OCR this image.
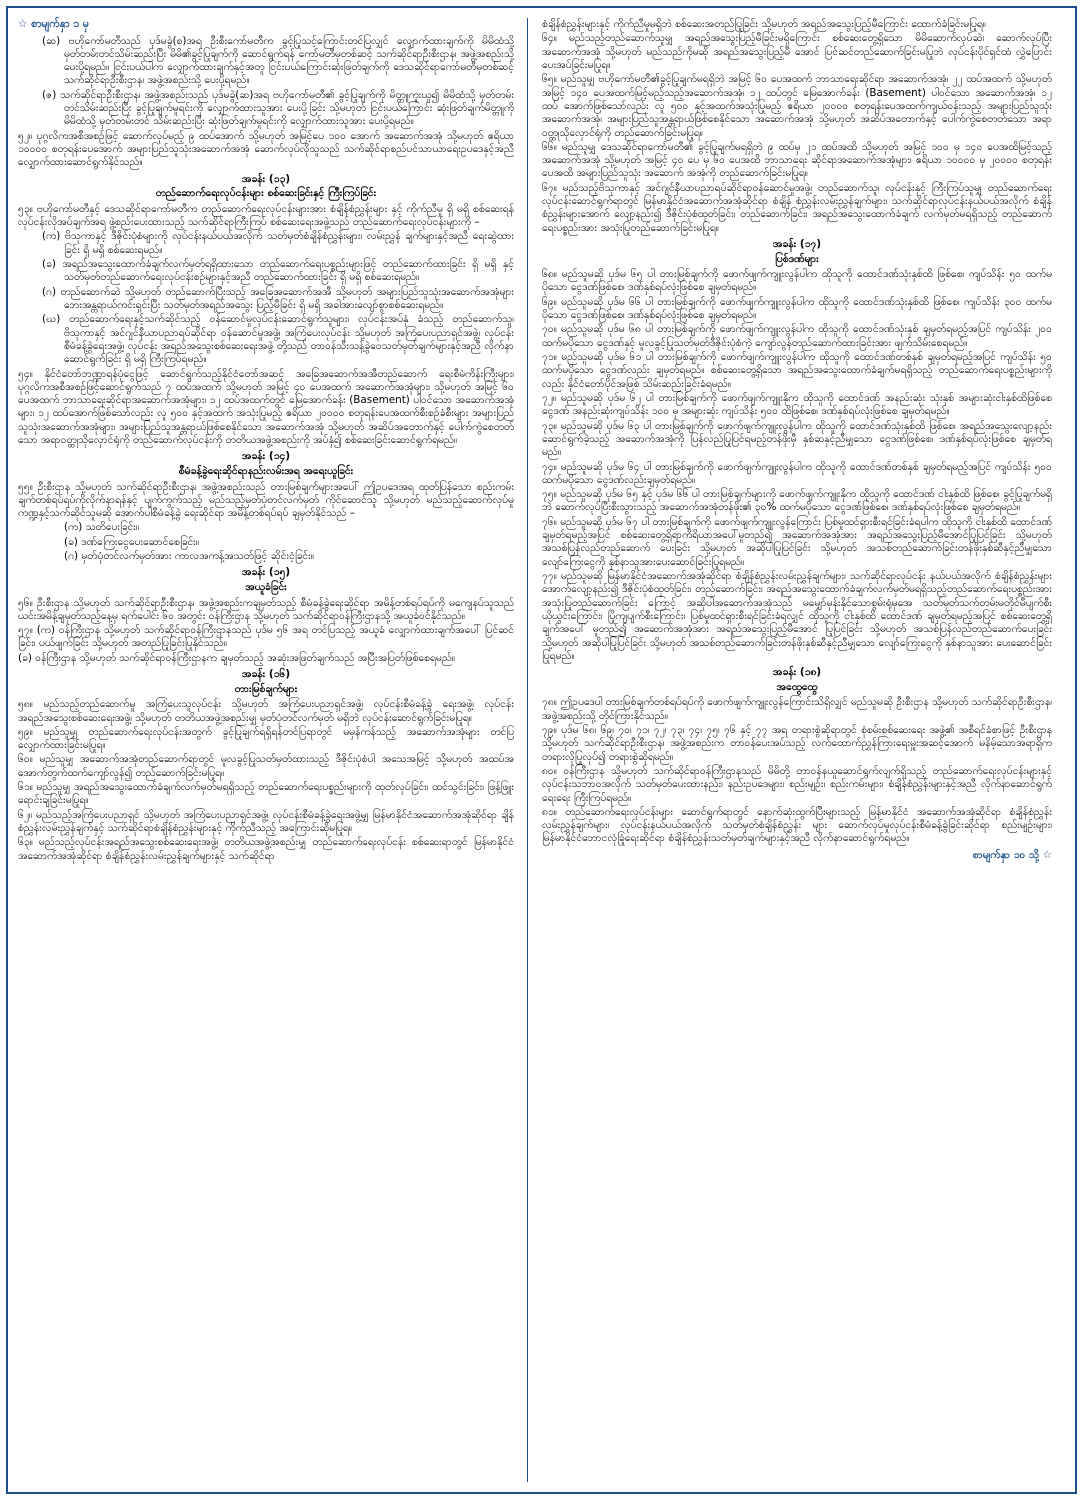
☆ စာမျက်နှာ ၁ မှ

(ဆ) ဗဟိုကော်မတီသည် ပုဒ်မခွဲ(စ)အရ ဦးစီးကော်မတီက ခွင့်ပြုသင့်ကြောင်းတင်ပြလျှင် လျှောက်ထားချက်ကို မိမိထံသို့ မှတ်တမ်းတင်သိမ်းဆည်းပြီး မိမိ၏ခွင့်ပြုချက်ကို ဆောင်ရွက်ရန် ကော်မတီမှတစ်ဆင့် သက်ဆိုင်ရာဦးစီးဌာန၊ အဖွဲ့အစည်းသို့ ပေးပို့ရမည်။ ငြင်းပယ်ပါက လျှောက်ထားချက်နှင့်အတူ ငြင်းပယ်ကြောင်းဆုံးဖြတ်ချက်ကို ဒေသဆိုင်ရာကော်မတီမှတစ်ဆင့် သက်ဆိုင်ရာဦးစီးဌာန၊ အဖွဲ့အစည်းသို့ ပေးပို့ရမည်။

(ဇ) သက်ဆိုင်ရာဦးစီးဌာန၊ အဖွဲ့အစည်းသည် ပုဒ်မခွဲ(ဆ)အရ ဗဟိုကော်မတီ၏ ခွင့်ပြုချက်ကို မိတ္တူကူးယူ၍ မိမိထံသို့ မှတ်တမ်းတင်သိမ်းဆည်းပြီး ခွင့်ပြုချက်မူရင်းကို လျှောက်ထားသူအား ပေးပို့ခြင်း သို့မဟုတ် ငြင်းပယ်ကြောင်း ဆုံးဖြတ်ချက်မိတ္တူကို မိမိထံသို့ မှတ်တမ်းတင် သိမ်းဆည်းပြီး ဆုံးဖြတ်ချက်မူရင်းကို လျှောက်ထားသူအား ပေးပို့ရမည်။

၅၂။ ပုဂ္ဂလိကအစီအစဉ်ဖြင့် ဆောက်လုပ်မည့် ၉ ထပ်အောက် သို့မဟုတ် အမြင့်ပေ ၁၀၀ အောက် အဆောက်အအုံ သို့မဟုတ် ဧရိယာ ၁၀၀၀၀ စတုရန်းပေအောက် အများပြည်သူသုံးအဆောက်အအုံ ဆောက်လုပ်လိုသူသည် သက်ဆိုင်ရာစည်ပင်သာယာရေးဥပဒေနှင့်အညီ လျှောက်ထားဆောင်ရွက်နိုင်သည်။

အခန်း (၁၃)

တည်ဆောက်ရေးလုပ်ငန်းများ စစ်ဆေးခြင်းနှင့် ကြီးကြပ်ခြင်း

၅၃။ ဗဟိုကော်မတီနှင့် ဒေသဆိုင်ရာကော်မတီက တည်ဆောက်ရေးလုပ်ငန်းများအား စံချိန်စံညွှန်းများ နှင့် ကိုက်ညီမှု ရှိ မရှိ စစ်ဆေးရန် လုပ်ငန်းလိုအပ်ချက်အရ ဖွဲ့စည်းပေးထားသည့် သက်ဆိုင်ရာကြီးကြပ် စစ်ဆေးရေးအဖွဲ့သည် တည်ဆောက်ရေးလုပ်ငန်းများကို –

(က) ဗိသုကာနှင့် ဒီဇိုင်းပုံစံများကို လုပ်ငန်းနယ်ပယ်အလိုက် သတ်မှတ်စံချိန်စံညွှန်းများ၊ လမ်းညွှန် ချက်များနှင့်အညီ ရေးဆွဲထားခြင်း ရှိ မရှိ စစ်ဆေးရမည်။

(ခ) အရည်အသွေးထောက်ခံချက်လက်မှတ်ရရှိထားသော တည်ဆောက်ရေးပစ္စည်းများဖြင့် တည်ဆောက်ထားခြင်း ရှိ မရှိ နှင့် သတ်မှတ်တည်ဆောက်ရေးလုပ်ငန်းစဉ်များနှင့်အညီ တည်ဆောက်ထားခြင်း ရှိ မရှိ စစ်ဆေးရမည်။

(ဂ) တည်ဆောက်ဆဲ သို့မဟုတ် တည်ဆောက်ပြီးသည့် အခြေအဆောက်အအီ သို့မဟုတ် အများပြည်သူသုံးအဆောက်အအုံများ ဘေးအန္တရာယ်ကင်းရှင်းပြီး သတ်မှတ်အရည်အသွေး ပြည့်မီခြင်း ရှိ မရှိ အခါအားလျော်စွာစစ်ဆေးရမည်။

(ဃ) တည်ဆောက်ရေးနှင့်သက်ဆိုင်သည့် ဝန်ဆောင်မှုလုပ်ငန်းဆောင်ရွက်သူများ၊ လုပ်ငန်းအပ်နှံ ခံသည့် တည်ဆောက်သူ၊ ဗိသုကာနှင့် အင်ဂျင်နီယာပညာရပ်ဆိုင်ရာ ဝန်ဆောင်မှုအဖွဲ့၊ အကြံပေးလုပ်ငန်း သို့မဟုတ် အကြံပေးပညာရှင်အဖွဲ့၊ လုပ်ငန်းစီမံခန့်ခွဲရေးအဖွဲ့၊ လုပ်ငန်း အရည်အသွေးစစ်ဆေးရေးအဖွဲ့ တို့သည် တာဝန်သီးသန့်ခွဲဝေသတ်မှတ်ချက်များနှင့်အညီ လိုက်နာဆောင်ရွက်ခြင်း ရှိ မရှိ ကြီးကြပ်ရမည်။

၅၄။ နိုင်ငံတော်ဘဏ္ဍာရန်ပုံငွေဖြင့် ဆောင်ရွက်သည့်နိုင်ငံတော်အဆင့် အခြေအဆောက်အအီတည်ဆောက် ရေးစီမံကိန်းကြီးများ၊ ပုဂ္ဂလိကအစီအစဉ်ဖြင့်ဆောင်ရွက်သည် ၇ ထပ်အထက် သို့မဟုတ် အမြင့် ၄၀ ပေအထက် အဆောက်အအုံများ၊ သို့မဟုတ် အမြင့် ၆၀ ပေအထက် ဘာသာရေးဆိုင်ရာအဆောက်အအုံများ၊ ၁၂ ထပ်အထက်တွင် မြေအောက်ခန်း (Basement) ပါဝင်သော အဆောက်အအုံများ၊ ၁၂ ထပ်အောက်ဖြစ်သော်လည်း လူ ၅၀၀ နှင့်အထက် အသုံးပြုမည့် ဧရိယာ ၂၀၀၀၀ စတုရန်းပေအထက်စီးစဉ်ခံစီးများ အများပြည်သူသုံးအဆောက်အအုံများ၊ အများပြည်သူအန္တရာယ်ဖြစ်စေနိုင်သော အဆောက်အအုံ သို့မဟုတ် အဆိပ်အတောက်နှင့် ပေါက်ကွဲစေတတ်သော အရာဝတ္ထုသိုလှောင်ရုံကို တည်ဆောက်လုပ်ငန်းကို တတိယအဖွဲ့အစည်းကို အပ်နှံ၍ စစ်ဆေးခြင်းဆောင်ရွက်ရမည်။

အခန်း (၁၄)

စီမံခန့်ခွဲရေးဆိုင်ရာနည်းလမ်းအရ အရေးယူခြင်း

၅၅။ ဦးစီးဌာန သို့မဟုတ် သက်ဆိုင်ရာဦးစီးဌာန၊ အဖွဲ့အစည်းသည် တားမြစ်ချက်များအပေါ် ဤဥပဒေအရ ထုတ်ပြန်သော စည်းကမ်းချက်တစ်ရပ်ရပ်ကိုလိုက်နာရန်နှင့် ပျက်ကွက်သည့် မည်သည့်မှတ်ပုံတင်လက်မှတ် ကိုင်ဆောင်သူ သို့မဟုတ် မည်သည့်ဆောက်လုပ်မှုကဏ္ဍနှင့်သက်ဆိုင်သူမဆို အောက်ပါစီမံခန့်ခွဲ ရေးဆိုင်ရာ အမိန့်တစ်ရပ်ရပ် ချမှတ်နိုင်သည် –

(က) သတိပေးခြင်း။

(ခ) ဒဏ်ကြေးငွေပေးဆောင်စေခြင်း။

(ဂ) မှတ်ပုံတင်လက်မှတ်အား ကာလအကန့်အသတ်ဖြင့် ဆိုင်းငံ့ခြင်း။

အခန်း (၁၅)

အယူခံခြင်း

၅၆။ ဦးစီးဌာန သို့မဟုတ် သက်ဆိုင်ရာဦးစီးဌာန၊ အဖွဲ့အစည်းကချမှတ်သည့် စီမံခန့်ခွဲရေးဆိုင်ရာ အမိန့်တစ်ရပ်ရပ်ကို မကျေနပ်သူသည် ယင်းအမိန့်ချမှတ်သည့်နေ့မှ ရက်ပေါင်း ၆၀ အတွင်း ဝန်ကြီးဌာန သို့မဟုတ် သက်ဆိုင်ရာဝန်ကြီးဌာနသို့ အယူခံဝင်နိုင်သည်။

၅၇။ (က) ဝန်ကြီးဌာန သို့မဟုတ် သက်ဆိုင်ရာဝန်ကြီးဌာနသည် ပုဒ်မ ၅၆ အရ တင်ပြသည့် အယူခံ လျှောက်ထားချက်အပေါ် ပြင်ဆင်ခြင်း၊ ပယ်ဖျက်ခြင်း သို့မဟုတ် အတည်ပြုခြင်းပြုနိုင်သည်။

(ခ) ဝန်ကြီးဌာန သို့မဟုတ် သက်ဆိုင်ရာဝန်ကြီးဌာနက ချမှတ်သည့် အဆုံးအဖြတ်ချက်သည် အပြီးအပြတ်ဖြစ်စေရမည်။

အခန်း (၁၆)

တားမြစ်ချက်များ

၅၈။ မည်သည့်တည်ဆောက်မှု အကြံပေးသူလုပ်ငန်း သို့မဟုတ် အကြံပေးပညာရှင်အဖွဲ့၊ လုပ်ငန်းစီမံခန့်ခွဲ ရေးအဖွဲ့၊ လုပ်ငန်းအရည်အသွေးစစ်ဆေးရေးအဖွဲ့၊ သို့မဟုတ် တတိယအဖွဲ့အစည်းမျှ မှတ်ပုံတင်လက်မှတ် မရှိဘဲ လုပ်ငန်းဆောင်ရွက်ခြင်းမပြုရ။

၅၉။ မည်သူမျှ တည်ဆောက်ရေးလုပ်ငန်းအတွက် ခွင့်ပြုချက်ရရှိရန်တင်ပြရာတွင် မမှန်ကန်သည့် အဆောက်အအုံများ တင်ပြလျှောက်ထားခြင်းမပြုရ။

၆၀။ မည်သူမျှ အဆောက်အအုံတည်ဆောက်ရာတွင် မူလခွင့်ပြုသတ်မှတ်ထားသည့် ဒီဇိုင်းပုံစံပါ အသေအမြင့် သို့မဟုတ် အထပ်အအောက်တွက်ထက်ကျော်လွန်၍ တည်ဆောက်ခြင်းမပြုရ။

၆၁။ မည်သူမျှ အရည်အသွေးထောက်ခံချက်လက်မှတ်မရရှိသည့် တည်ဆောက်ရေးပစ္စည်းများကို ထုတ်လုပ်ခြင်း၊ ထင်သွင်းခြင်း၊ ဖြန့်ဖြူးရောင်းချခြင်းမပြုရ။

၆၂။ မည်သည့်အကြံပေးပညာရှင် သို့မဟုတ် အကြံပေးပညာရှင်အဖွဲ့၊ လုပ်ငန်းစီမံခန့်ခွဲရေးအဖွဲ့မျှ မြန်မာနိုင်ငံအဆောက်အအုံဆိုင်ရာ ချိန်စံညွှန်းလမ်းညွှန်ချက်နှင့် သက်ဆိုင်ရာစံချိန်စံညွှန်းများနှင့် ကိုက်ညီသည့် အကြောင်းဆိုမပြုရ။

၆၃။ မည်သည့်လုပ်ငန်းအရည်အသွေးစစ်ဆေးရေးအဖွဲ့၊ တတိယအဖွဲ့အစည်းမျှ တည်ဆောက်ရေးလုပ်ငန်း စစ်ဆေးရာတွင် မြန်မာနိုင်ငံအဆောက်အအုံဆိုင်ရာ စံချိန်စံညွှန်းလမ်းညွှန်ချက်များနှင့် သက်ဆိုင်ရာ

စံချိန်စံညွှန်းများနှင့် ကိုက်ညီမှုမရှိဘဲ စစ်ဆေးအတည်ပြုခြင်း သို့မဟုတ် အရည်အသွေးပြည့်မီကြောင်း ထောက်ခံခြင်းမပြုရ။

၆၄။ မည်သည့်တည်ဆောက်သူမျှ အရည်အသွေးပြည့်မီခြင်းမရှိကြောင်း စစ်ဆေးတွေ့ရှိသော မိမိဆောက်လုပ်ဆဲ၊ ဆောက်လုပ်ပြီးအဆောက်အအုံ သို့မဟုတ် မည်သည်ကိုမဆို အရည်အသွေးပြည့်မီ အောင် ပြင်ဆင်တည်ဆောက်ခြင်းမပြုဘဲ လုပ်ငန်းပိုင်ရှင်ထံ လွှဲပြောင်းပေးအပ်ခြင်းမပြုရ။

၆၅။ မည်သူမျှ ဗဟိုကော်မတီ၏ခွင့်ပြုချက်မရရှိဘဲ အမြင့် ၆၀ ပေအထက် ဘာသာရေးဆိုင်ရာ အဆောက်အအုံ၊ ၂၂ ထပ်အထက် သို့မဟုတ် အမြင့် ၁၄၀ ပေအထက်မြင့်မည့်သည့်အဆောက်အအုံ၊ ၁၂ ထပ်တွင် မြေအောက်ခန်း (Basement) ပါဝင်သော အဆောက်အအုံ၊ ၁၂ ထပ် အောက်ဖြစ်သော်လည်း လူ ၅၀၀ နှင့်အထက်အသုံးပြုမည့် ဧရိယာ ၂၀၀၀၀ စတုရန်းပေအထက်ကျယ်ဝန်းသည့် အများပြည်သူသုံး အဆောက်အအုံ၊ အများပြည်သူအန္တရာယ်ဖြစ်စေနိုင်သော အဆောက်အအုံ သို့မဟုတ် အဆိပ်အတောက်နှင့် ပေါက်ကွဲစေတတ်သော အရာဝတ္ထုသိုလှောင်ရုံကို တည်ဆောက်ခြင်းမပြုရ။

၆၆။ မည်သူမျှ ဒေသဆိုင်ရာကော်မတီ၏ ခွင့်ပြုချက်မရရှိဘဲ ၉ ထပ်မှ ၂၁ ထပ်အထိ သို့မဟုတ် အမြင့် ၁၀၀ မှ ၁၄၀ ပေအထိမြင့်သည့်အဆောက်အအုံ သို့မဟုတ် အမြင့် ၄၀ ပေ မှ ၆၀ ပေအထိ ဘာသာရေး ဆိုင်ရာအဆောက်အအုံများ၊ ဧရိယာ ၁၀၀၀၀ မှ ၂၀၀၀၀ စတုရန်းပေအထိ အများပြည်သူသုံး အဆောက် အအုံကို တည်ဆောက်ခြင်းမပြုရ။

၆၇။ မည်သည့်ဗိသုကာနှင့် အင်ဂျင်နီယာပညာရပ်ဆိုင်ရာဝန်ဆောင်မှုအဖွဲ့၊ တည်ဆောက်သူ၊ လုပ်ငန်းနှင့် ကြီးကြပ်သူမျှ တည်ဆောက်ရေးလုပ်ငန်းဆောင်ရွက်ရာတွင် မြန်မာနိုင်ငံအဆောက်အအုံဆိုင်ရာ စံချိန် စံညွှန်းလမ်းညွှန်ချက်များ၊ သက်ဆိုင်ရာလုပ်ငန်းနယ်ပယ်အလိုက် စံချိန်စံညွှန်းများအောက် လျော့နည်း၍ ဒီဇိုင်းပုံစံထုတ်ခြင်း၊ တည်ဆောက်ခြင်း၊ အရည်အသွေးထောက်ခံချက် လက်မှတ်မရရှိသည့် တည်ဆောက် ရေးပစ္စည်းအား အသုံးပြုတည်ဆောက်ခြင်းမပြုရ။

အခန်း (၁၇)

ပြစ်ဒဏ်များ

၆၈။ မည်သူမဆို ပုဒ်မ ၆၅ ပါ တားမြစ်ချက်ကို ဖောက်ဖျက်ကျူးလွန်ပါက ထိုသူကို ထောင်ဒဏ်သုံးနှစ်ထိ ဖြစ်စေ၊ ကျပ်သိန်း ၅၀ ထက်မပိုသော ငွေဒဏ်ဖြစ်စေ၊ ဒဏ်နှစ်ရပ်လုံးဖြစ်စေ ချမှတ်ရမည်။

၆၉။ မည်သူမဆို ပုဒ်မ ၆၆ ပါ တားမြစ်ချက်ကို ဖောက်ဖျက်ကျူးလွန်ပါက ထိုသူကို ထောင်ဒဏ်သုံးနှစ်ထိ ဖြစ်စေ၊ ကျပ်သိန်း ၃၀၀ ထက်မပိုသော ငွေဒဏ်ဖြစ်စေ၊ ဒဏ်နှစ်ရပ်လုံးဖြစ်စေ ချမှတ်ရမည်။

၇၀။ မည်သူမဆို ပုဒ်မ ၆၈ ပါ တားမြစ်ချက်ကို ဖောက်ဖျက်ကျူးလွန်ပါက ထိုသူကို ထောင်ဒဏ်သုံးနှစ် ချမှတ်ရမည့်အပြင် ကျပ်သိန်း ၂၀၀ ထက်မပိုသော ငွေဒဏ်နှင့် မူလခွင့်ပြုသတ်မှတ်ဒီဇိုင်းပုံစံကဲ့ ကျော်လွန်တည်ဆောက်ထားခြင်းအား ဖျက်သိမ်းစေရမည်။

၇၁။ မည်သူမဆို ပုဒ်မ ၆၁ ပါ တားမြစ်ချက်ကို ဖောက်ဖျက်ကျူးလွန်ပါက ထိုသူကို ထောင်ဒဏ်တစ်နှစ် ချမှတ်ရမည့်အပြင် ကျပ်သိန်း ၅၀ ထက်မပိုသော ငွေဒဏ်လည်း ချမှတ်ရမည်။ စစ်ဆေးတွေ့ရှိသော အရည်အသွေးထောက်ခံချက်မရရှိသည့် တည်ဆောက်ရေးပစ္စည်းများကိုလည်း နိုင်ငံတော်ပိုင်အဖြစ် သိမ်းဆည်းခြင်းခံရမည်။

၇၂။ မည်သူမဆို ပုဒ်မ ၆၂ ပါ တားမြစ်ချက်ကို ဖောက်ဖျက်ကျူးနိုက ထိုသူကို ထောင်ဒဏ် အနည်းဆုံး သုံးနှစ် အများဆုံးငါးနှစ်ထိဖြစ်စေ ငွေဒဏ် အနည်းဆုံးကျပ်သိန်း ၁၀၀ မှ အများဆုံး ကျပ်သိန်း ၅၀၀ ထိဖြစ်စေ၊ ဒဏ်နှစ်ရပ်လုံးဖြစ်စေ ချမှတ်ရမည်။

၇၃။ မည်သူမဆို ပုဒ်မ ၆၃ ပါ တားမြစ်ချက်ကို ဖောက်ဖျက်ကျူးလွန်ပါက ထိုသူကို ထောင်ဒဏ်သုံးနှစ်ထိ ဖြစ်စေ၊ အရည်အသွေးလျော့နည်းဆောင်ရွက်ခဲ့သည့် အဆောက်အအုံကို ပြန်လည်ပြုပြင်ရမည့်တန်ဖိုးမှီ နှစ်ဆနှင့်ညီမျှသော ငွေဒဏ်ဖြစ်စေ၊ ဒဏ်နှစ်ရပ်လုံးဖြစ်စေ ချမှတ်ရမည်။

၇၄။ မည်သူမဆို ပုဒ်မ ၆၄ ပါ တားမြစ်ချက်ကို ဖောက်ဖျက်ကျူးလွန်ပါက ထိုသူကို ထောင်ဒဏ်တစ်နှစ် ချမှတ်ရမည့်အပြင် ကျပ်သိန်း ၅၀၀ ထက်မပိုသော ငွေဒဏ်လည်းချမှတ်ရမည်။

၇၅။ မည်သူမဆို ပုဒ်မ ၆၅ နှင့် ပုဒ်မ ၆၆ ပါ တားမြစ်ချက်များကို ဖောက်ဖျက်ကျူးနိုက ထိုသူကို ထောင်ဒဏ် ငါးနှစ်ထိ ဖြစ်စေ၊ ခွင့်ပြုချက်မရှိဘဲ ဆောက်လုပ်ပြီးစီးသွားသည့် အဆောက်အအုံတန်ဖိုး၏ ၃၀% ထက်မပိုသော ငွေဒဏ်ဖြစ်စေ၊ ဒဏ်နှစ်ရပ်လုံးဖြစ်စေ ချမှတ်ရမည်။

၇၆။ မည်သူမဆို ပုဒ်မ ၆၇ ပါ တားမြစ်ချက်ကို ဖောက်ဖျက်ကျူးလွန်ကြောင်း ပြစ်မှုထင်ရှားစီးရင်ခြင်းခံရပါက ထိုသူကို ငါးနှစ်ထိ ထောင်ဒဏ်ချမှတ်ရမည့်အပြင် စစ်ဆေးတွေ့ရှိရာကိရိယာအပေါ်မူတည်၍ အဆောက်အအုံအား အရည်အသွေးပြည့်မီအောင်ပြုပြင်ခြင်း သို့မဟုတ် အသစ်ပြန်လည်တည်ဆောက် ပေးခြင်း သို့မဟုတ် အဆိုပါပြုပြင်ခြင်း သို့မဟုတ် အသစ်တည်ဆောက်ခြင်းတန်ဖိုးနှစ်ဆီနှင့်ညီမျှသော လျော်ကြေးငွေကို နှစ်နာသူအားပေးဆောင်ခြင်းပြုရမည်။

၇၇။ မည်သူမဆို မြန်မာနိုင်ငံအဆောက်အအုံဆိုင်ရာ စံချိန်စံညွှန်းလမ်းညွှန်ချက်များ၊ သက်ဆိုင်ရာလုပ်ငန်း နယ်ပယ်အလိုက် စံချိန်စံညွှန်းများအောက်လျော့နည်း၍ ဒီဇိုင်းပုံစံထုတ်ခြင်း၊ တည်ဆောက်ခြင်း၊ အရည်အသွေးထောက်ခံချက်လက်မှတ်မရရှိသည့်တည်ဆောက်ရေးပစ္စည်းအား အသုံးပြုတည်ဆောက်ခြင်း ကြောင့် အဆိုပါအဆောက်အအုံသည် မမျှော်မှန်းနိုင်သောစွမ်းရုံမှအေ သတ်မှတ်သက်တမ်းမတိုင်မီပျက်စီး ယိုယွင်းကြောင်း၊ ပြိုကျပျက်စီးကြောင်း၊ ပြစ်မှုထင်ရှားစီးရင်ခြင်းခံရလျှင် ထိုသူကို ငါးနှစ်ထိ ထောင်ဒဏ် ချမှတ်ရမည့်အပြင် စစ်ဆေးတွေ့ရှိချက်အပေါ် မူတည်၍ အဆောက်အအုံအား အရည်အသွေးပြည့်မီအောင် ပြုပြင်ခြင်း သို့မဟုတ် အသစ်ပြန်လည်တည်ဆောက်ပေးခြင်း သို့မဟုတ် အဆိုပါပြုပြင်ခြင်း သို့မဟုတ် အသစ်တည်ဆောက်ခြင်းတန်ဖိုးနှစ်ဆီနှင့်ညီမျှသော လျော်ကြေးငွေကို နှစ်နာသူအား ပေးဆောင်ခြင်းပြုရမည်။

အခန်း (၁၈)

အထွေထွေ

၇၈။ ဤဥပဒေပါ တားမြစ်ချက်တစ်ရပ်ရပ်ကို ဖောက်ဖျက်ကျူးလွန်ကြောင်းသိရှိလျှင် မည်သူမဆို ဦးစီးဌာန သို့မဟုတ် သက်ဆိုင်ရာဦးစီးဌာန၊ အဖွဲ့အစည်းသို့ တိုင်ကြားနိုင်သည်။

၇၉။ ပုဒ်မ ၆၈၊ ၆၉၊ ၇၀၊ ၇၁၊ ၇၂၊ ၇၃၊ ၇၄၊ ၇၅၊ ၇၆ နှင့် ၇၇ အရ တရားစွဲဆိုရာတွင် စုံစမ်းစစ်ဆေးရေး အဖွဲ့၏ အစီရင်ခံစာဖြင့် ဦးစီးဌာန သို့မဟုတ် သက်ဆိုင်ရာဦးစီးဌာန၊ အဖွဲ့အစည်းက တာဝန်ပေးအပ်သည့် လက်ထောက်ညွှန်ကြားရေးမှူးအဆင့်အောက် မနိမ့်သောအရာရှိက တရားလိုပြုလုပ်၍ တရားစွဲဆိုရမည်။

၈၀။ ဝန်ကြီးဌာန သို့မဟုတ် သက်ဆိုင်ရာဝန်ကြီးဌာနသည် မိမိတို့ တာဝန်နယူဆောင်ရွက်လျက်ရှိသည့် တည်ဆောက်ရေးလုပ်ငန်းများနှင့် လုပ်ငန်းသဘာဝအလိုက် သတ်မှတ်ပေးထားနည်း၊ နည်းဥပဒေများ၊ စည်းမျဉ်း၊ စည်းကမ်းများ၊ စံချိန်စံညွှန်းများနှင့်အညီ လိုက်နာဆောင်ရွက်ရေးရေး ကြီးကြပ်ရမည်။

၈၁။ တည်ဆောက်ရေးလုပ်ငန်းများ ဆောင်ရွက်ရာတွင် နောက်ဆုံးထွက်ပြီးများသည့် မြန်မာနိုင်ငံ အဆောက်အအုံဆိုင်ရာ စံချိန်စံညွှန်းလမ်းညွှန်ချက်များ၊ လုပ်ငန်းနယ်ပယ်အလိုက် သတ်မှတ်စံချိန်စံညွှန်း များ ဆောက်လုပ်မှုလုပ်ငန်းစီမံခန့်ခွဲခြင်းဆိုင်ရာ စည်းမျဉ်းများ၊ မြန်မာနိုင်ငံဘောငလုံခြုံရေးဆိုင်ရာ စံချိန်စံညွှန်းသတ်မှတ်ချက်များနှင့်အညီ လိုက်နာဆောင်ရွက်ရမည်။

စာမျက်နှာ ၁၀ သို့ ☆
